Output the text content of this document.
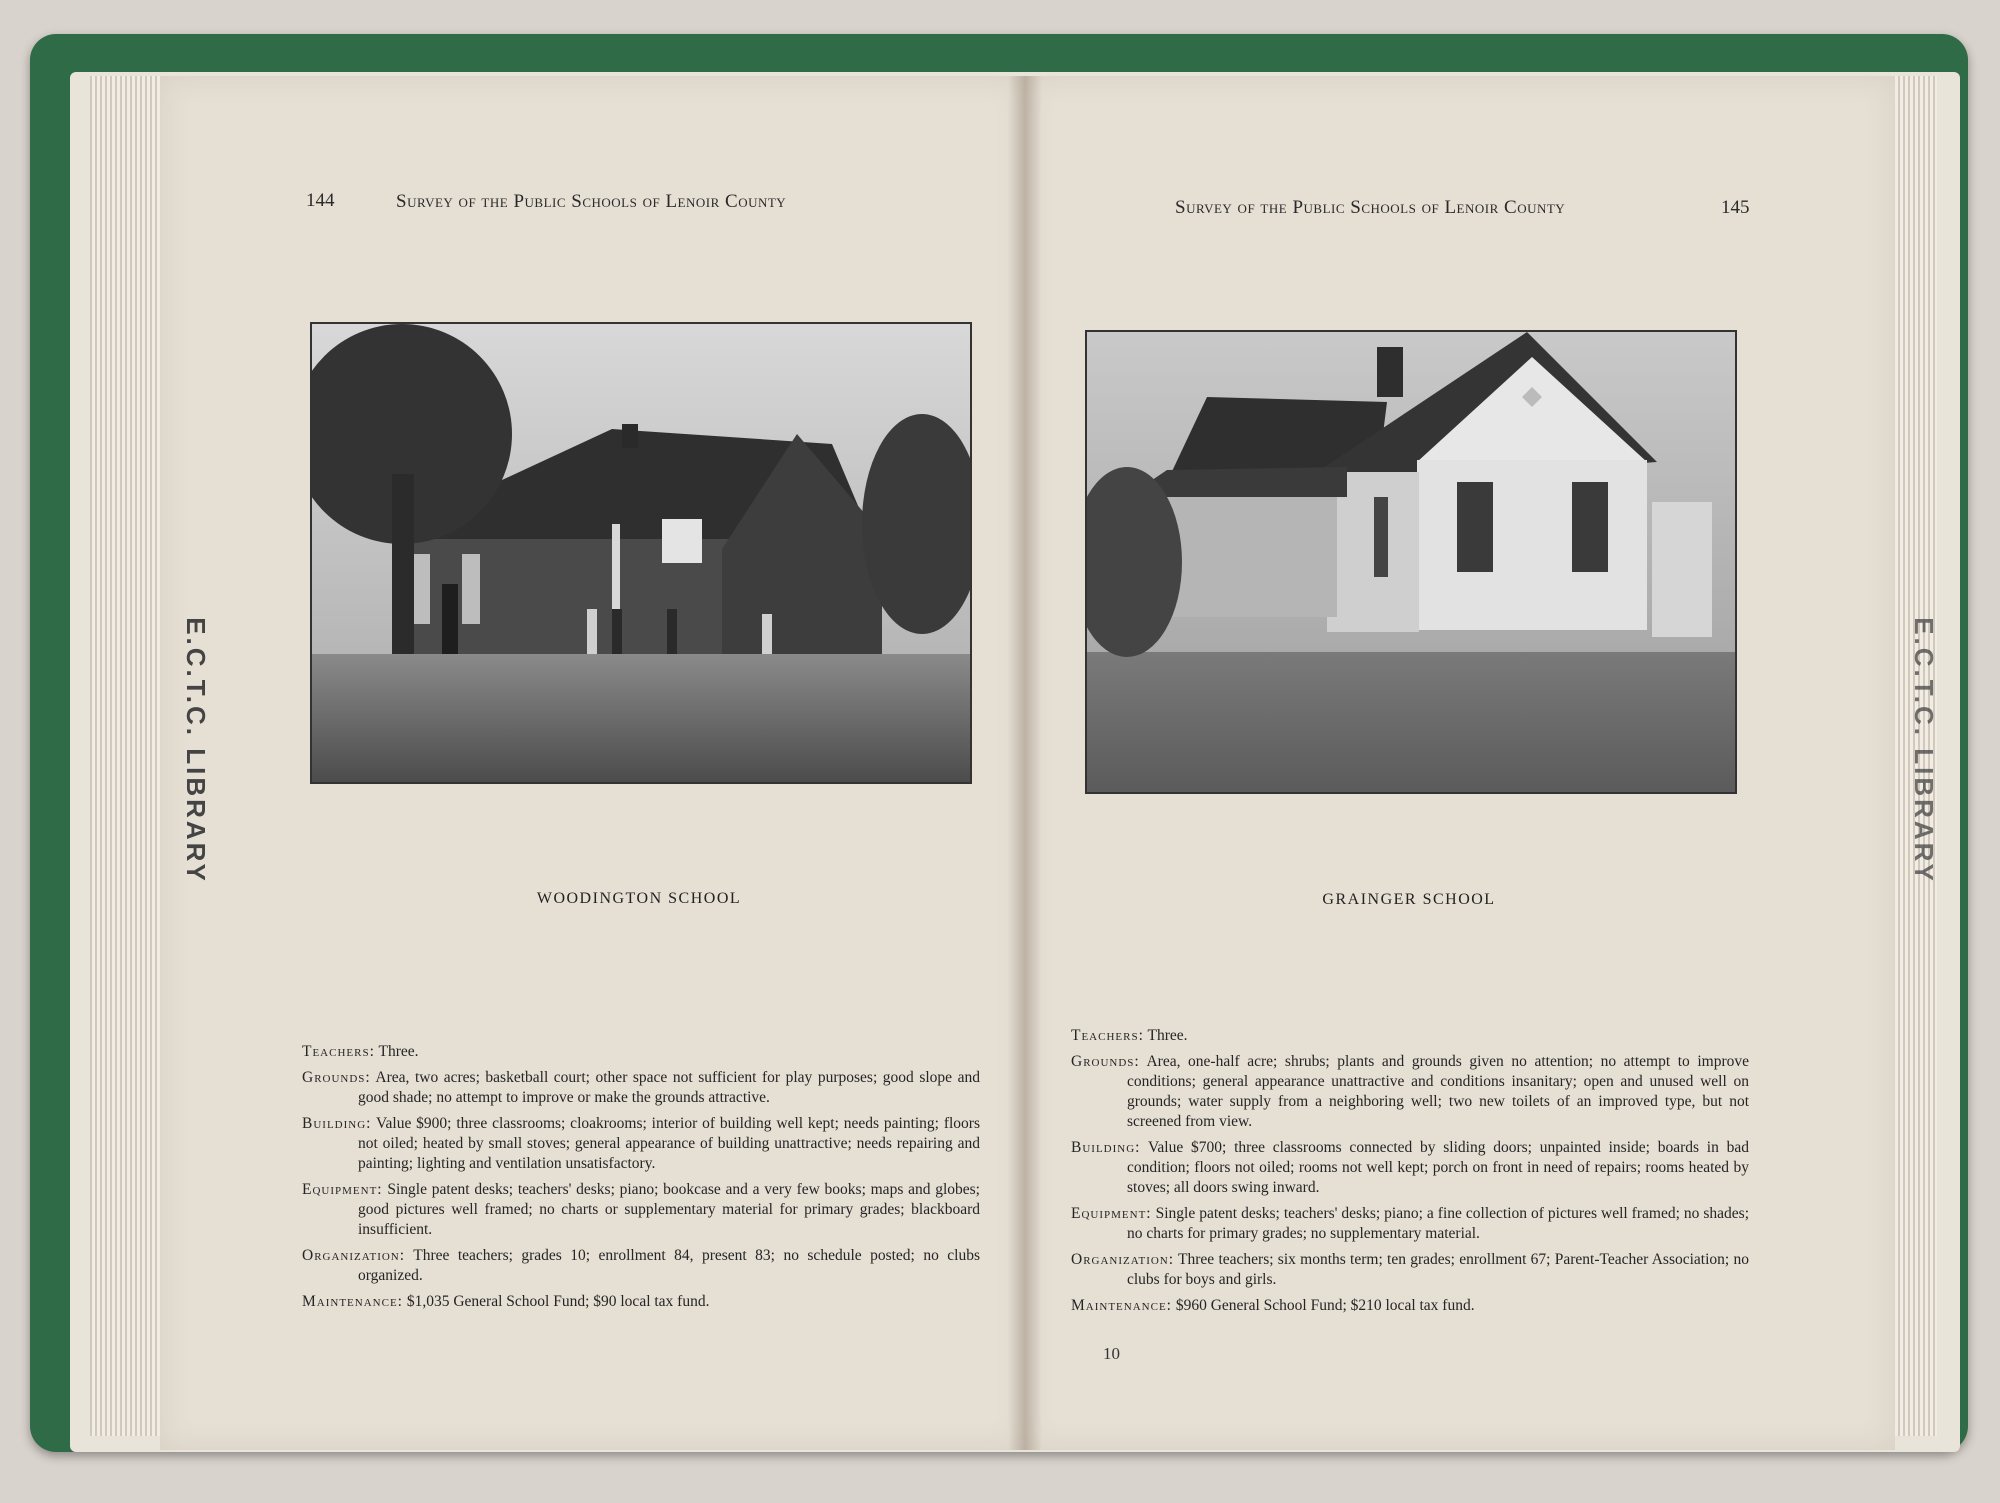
144	Survey of the Public Schools of Lenoir County
WOODINGTON SCHOOL
Teachers: Three.
Grounds: Area, two acres; basketball court; other space not sufficient for play purposes; good slope and good shade; no attempt to improve or make the grounds attractive.
Building: Value $900; three classrooms; cloakrooms; interior of building well kept; needs painting; floors not oiled; heated by small stoves; general appearance of building unattractive; needs repairing and painting; lighting and ventilation unsatisfactory.
Equipment: Single patent desks; teachers' desks; piano; bookcase and a very few books; maps and globes; good pictures well framed; no charts or supplementary material for primary grades; blackboard insufficient.
Organization: Three teachers; grades 10; enrollment 84, present 83; no schedule posted; no clubs organized.
Maintenance: $1,035 General School Fund; $90 local tax fund.
Survey of the Public Schools of Lenoir County	145
GRAINGER SCHOOL
Teachers: Three.
Grounds: Area, one-half acre; shrubs; plants and grounds given no attention; no attempt to improve conditions; general appearance unattractive and conditions insanitary; open and unused well on grounds; water supply from a neighboring well; two new toilets of an improved type, but not screened from view.
Building: Value $700; three classrooms connected by sliding doors; unpainted inside; boards in bad condition; floors not oiled; rooms not well kept; porch on front in need of repairs; rooms heated by stoves; all doors swing inward.
Equipment: Single patent desks; teachers' desks; piano; a fine collection of pictures well framed; no shades; no charts for primary grades; no supplementary material.
Organization: Three teachers; six months term; ten grades; enrollment 67; Parent-Teacher Association; no clubs for boys and girls.
Maintenance: $960 General School Fund; $210 local tax fund.
10
E.C.T.C. LIBRARY	E.C.T.C. LIBRARY
